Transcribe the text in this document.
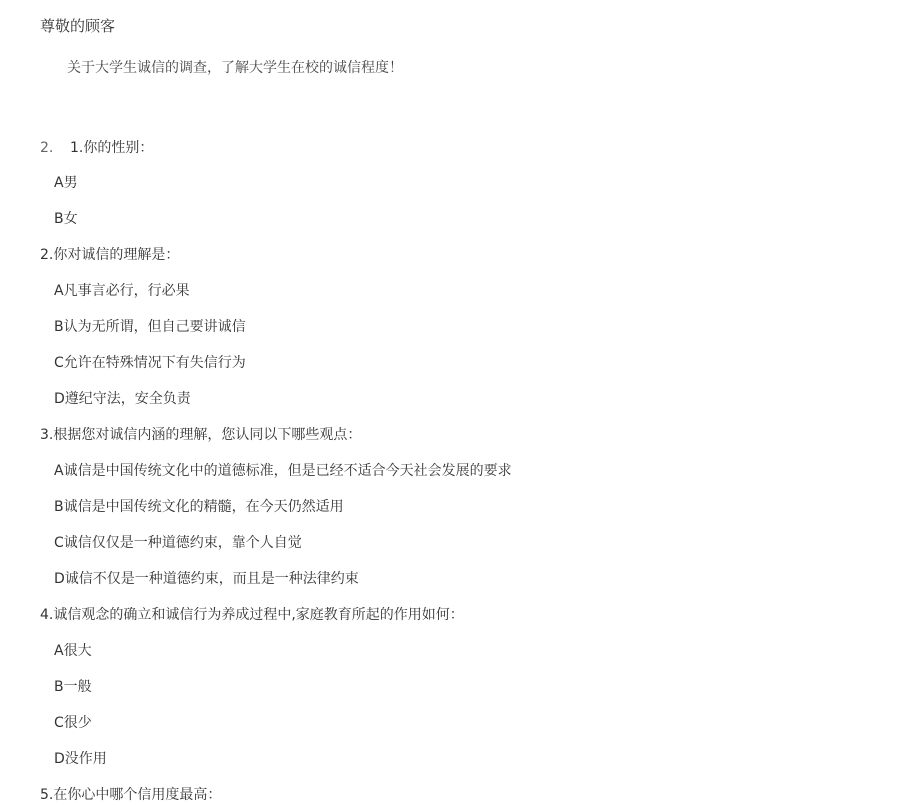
尊敬的顾客
关于大学生诚信的调查，了解大学生在校的诚信程度！
2. 1.你的性别：
A男
B女
2.你对诚信的理解是：
A凡事言必行，行必果
B认为无所谓，但自己要讲诚信
C允许在特殊情况下有失信行为
D遵纪守法，安全负责
3.根据您对诚信内涵的理解，您认同以下哪些观点：
A诚信是中国传统文化中的道德标准，但是已经不适合今天社会发展的要求
B诚信是中国传统文化的精髓，在今天仍然适用
C诚信仅仅是一种道德约束，靠个人自觉
D诚信不仅是一种道德约束，而且是一种法律约束
4.诚信观念的确立和诚信行为养成过程中,家庭教育所起的作用如何：
A很大
B一般
C很少
D没作用
5.在你心中哪个信用度最高：
